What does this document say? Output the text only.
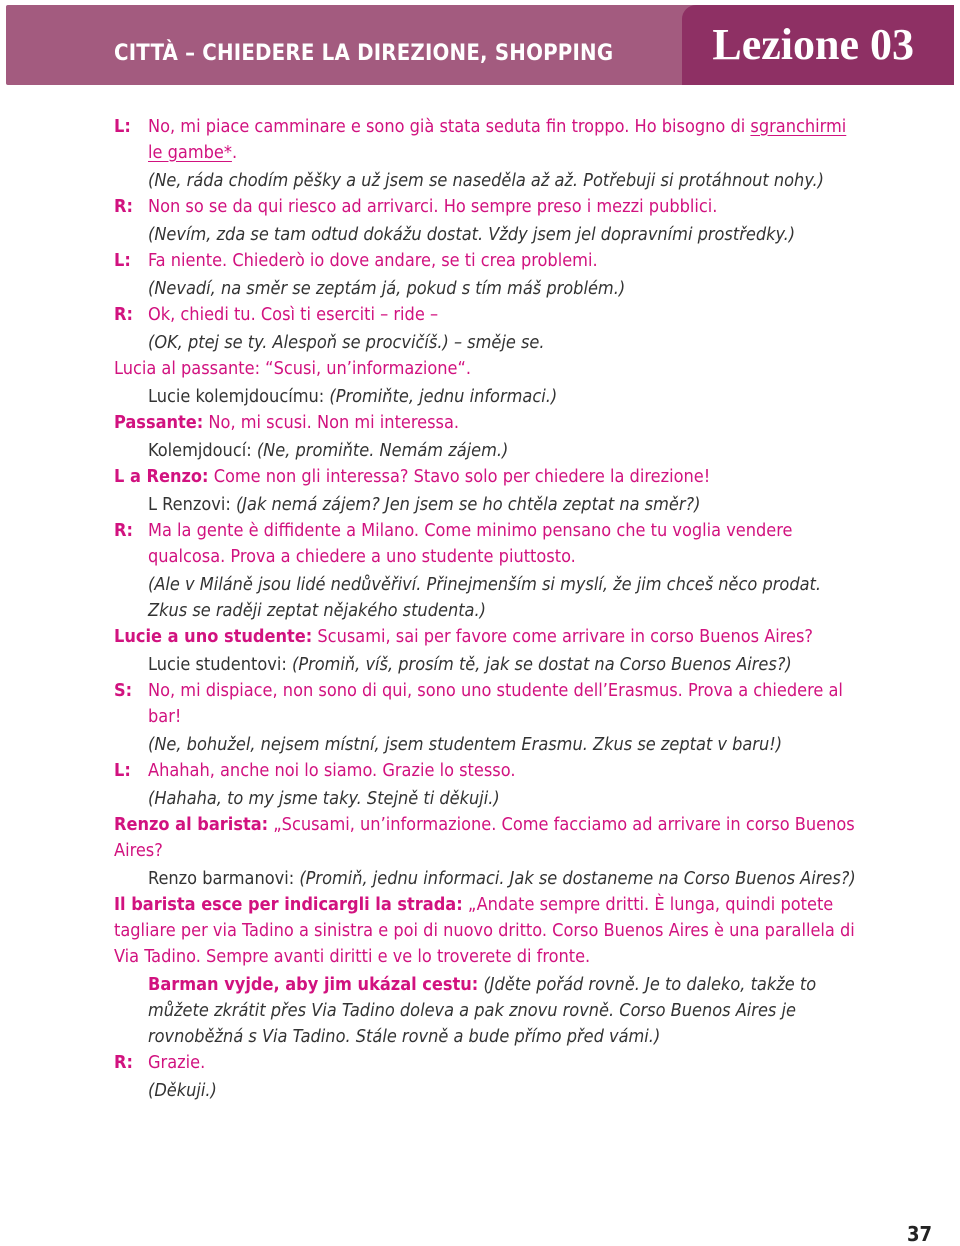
CITTÀ – CHIEDERE LA DIREZIONE, SHOPPING Lezione 03
L: No, mi piace camminare e sono già stata seduta fin troppo. Ho bisogno di sgranchirmi le gambe*.
(Ne, ráda chodím pěšky a už jsem se naseděla až až. Potřebuji si protáhnout nohy.)
R: Non so se da qui riesco ad arrivarci. Ho sempre preso i mezzi pubblici.
(Nevím, zda se tam odtud dokážu dostat. Vždy jsem jel dopravními prostředky.)
L: Fa niente. Chiederò io dove andare, se ti crea problemi.
(Nevadí, na směr se zeptám já, pokud s tím máš problém.)
R: Ok, chiedi tu. Così ti eserciti – ride –
(OK, ptej se ty. Alespoň se procvičíš.) – směje se.
Lucia al passante: “Scusi, un’informazione“.
Lucie kolemjdoucímu: (Promiňte, jednu informaci.)
Passante: No, mi scusi. Non mi interessa.
Kolemjdoucí: (Ne, promiňte. Nemám zájem.)
L a Renzo: Come non gli interessa? Stavo solo per chiedere la direzione!
L Renzovi: (Jak nemá zájem? Jen jsem se ho chtěla zeptat na směr?)
R: Ma la gente è diffidente a Milano. Come minimo pensano che tu voglia vendere qualcosa. Prova a chiedere a uno studente piuttosto.
(Ale v Miláně jsou lidé nedůvěřiví. Přinejmenším si myslí, že jim chceš něco prodat. Zkus se raději zeptat nějakého studenta.)
Lucie a uno studente: Scusami, sai per favore come arrivare in corso Buenos Aires?
Lucie studentovi: (Promiň, víš, prosím tě, jak se dostat na Corso Buenos Aires?)
S: No, mi dispiace, non sono di qui, sono uno studente dell’Erasmus. Prova a chiedere al bar!
(Ne, bohužel, nejsem místní, jsem studentem Erasmu. Zkus se zeptat v baru!)
L: Ahahah, anche noi lo siamo. Grazie lo stesso.
(Hahaha, to my jsme taky. Stejně ti děkuji.)
Renzo al barista: „Scusami, un’informazione. Come facciamo ad arrivare in corso Buenos Aires?
Renzo barmanovi: (Promiň, jednu informaci. Jak se dostaneme na Corso Buenos Aires?)
Il barista esce per indicargli la strada: „Andate sempre dritti. È lunga, quindi potete tagliare per via Tadino a sinistra e poi di nuovo dritto. Corso Buenos Aires è una parallela di Via Tadino. Sempre avanti diritti e ve lo troverete di fronte.
Barman vyjde, aby jim ukázal cestu: (Jděte pořád rovně. Je to daleko, takže to můžete zkrátit přes Via Tadino doleva a pak znovu rovně. Corso Buenos Aires je rovnoběžná s Via Tadino. Stále rovně a bude přímo před vámi.)
R: Grazie.
(Děkuji.)
37
